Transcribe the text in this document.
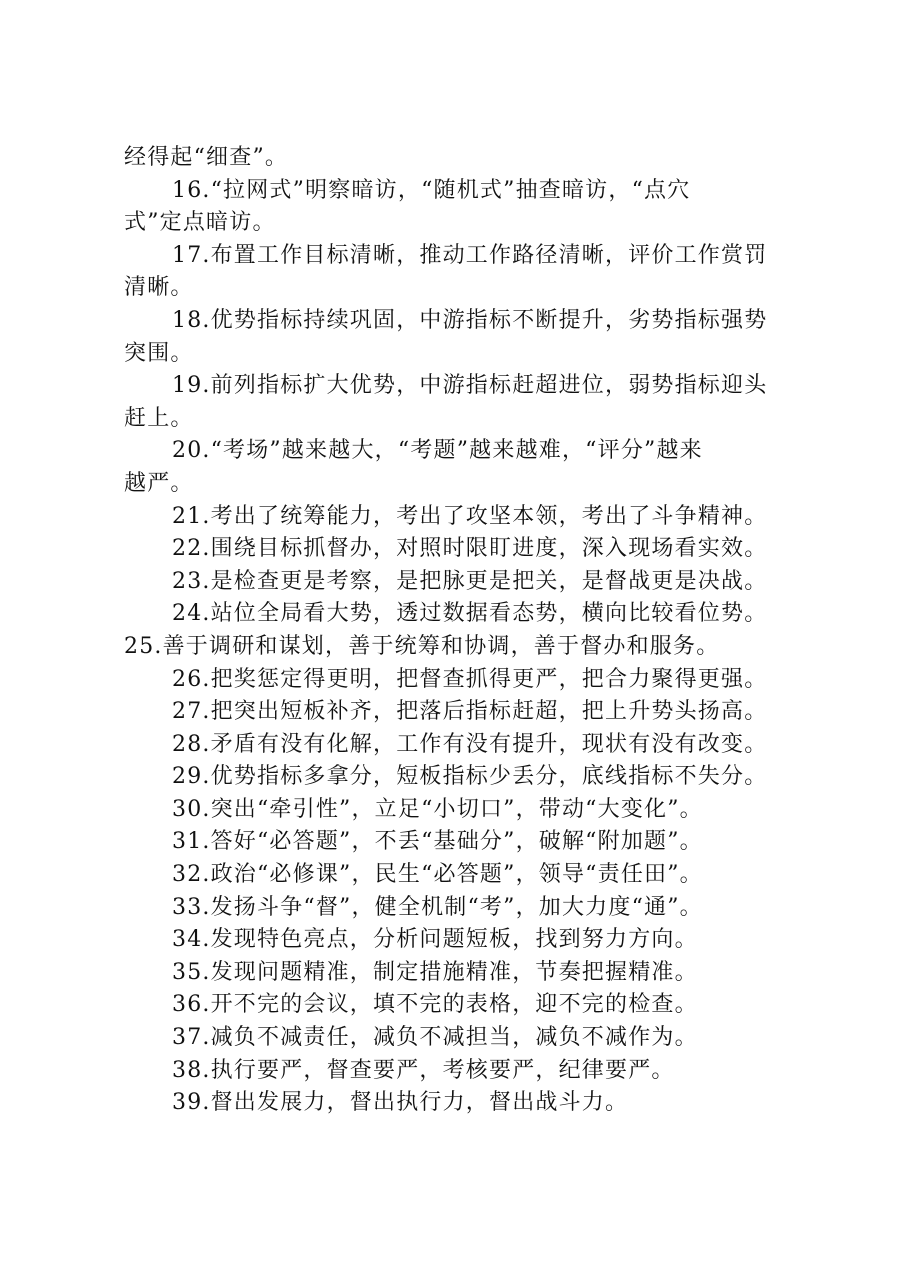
经得起“细查”。
16.“拉网式”明察暗访，“随机式”抽查暗访，“点穴
式”定点暗访。
17.布置工作目标清晰，推动工作路径清晰，评价工作赏罚
清晰。
18.优势指标持续巩固，中游指标不断提升，劣势指标强势
突围。
19.前列指标扩大优势，中游指标赶超进位，弱势指标迎头
赶上。
20.“考场”越来越大，“考题”越来越难，“评分”越来
越严。
21.考出了统筹能力，考出了攻坚本领，考出了斗争精神。
22.围绕目标抓督办，对照时限盯进度，深入现场看实效。
23.是检查更是考察，是把脉更是把关，是督战更是决战。
24.站位全局看大势，透过数据看态势，横向比较看位势。
25.善于调研和谋划，善于统筹和协调，善于督办和服务。
26.把奖惩定得更明，把督查抓得更严，把合力聚得更强。
27.把突出短板补齐，把落后指标赶超，把上升势头扬高。
28.矛盾有没有化解，工作有没有提升，现状有没有改变。
29.优势指标多拿分，短板指标少丢分，底线指标不失分。
30.突出“牵引性”，立足“小切口”，带动“大变化”。
31.答好“必答题”，不丢“基础分”，破解“附加题”。
32.政治“必修课”，民生“必答题”，领导“责任田”。
33.发扬斗争“督”，健全机制“考”，加大力度“通”。
34.发现特色亮点，分析问题短板，找到努力方向。
35.发现问题精准，制定措施精准，节奏把握精准。
36.开不完的会议，填不完的表格，迎不完的检查。
37.减负不减责任，减负不减担当，减负不减作为。
38.执行要严，督查要严，考核要严，纪律要严。
39.督出发展力，督出执行力，督出战斗力。
